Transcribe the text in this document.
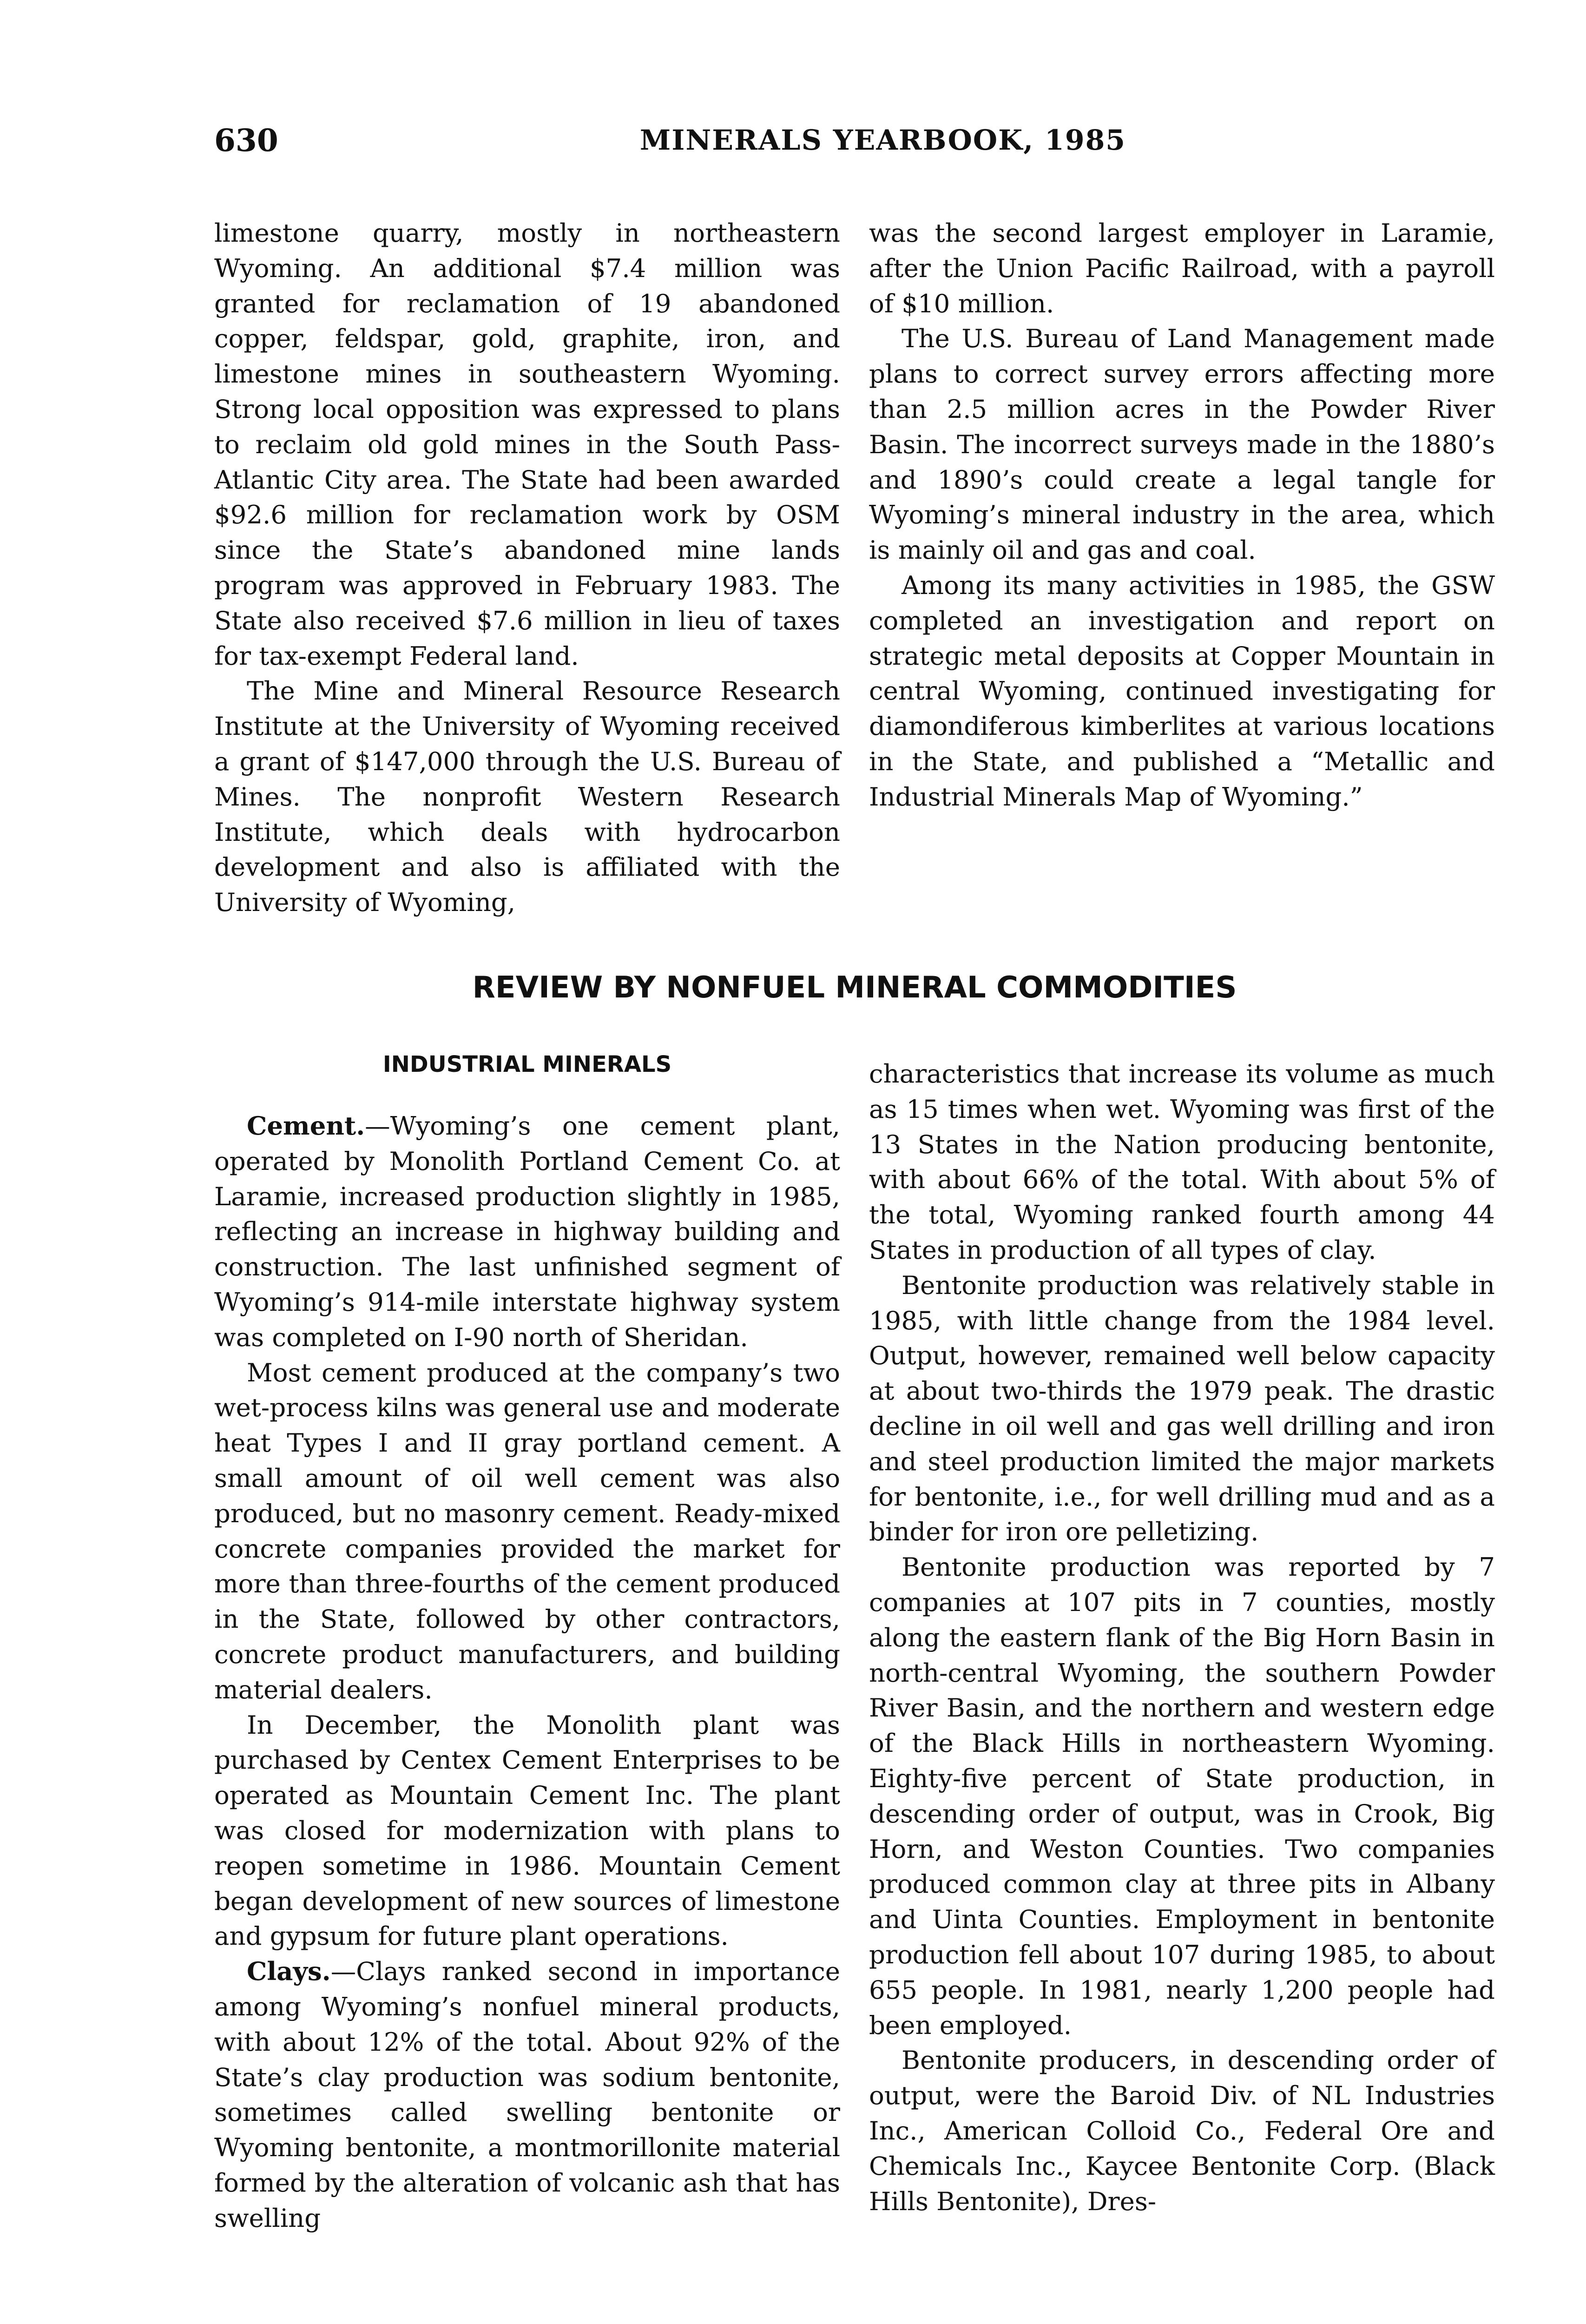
630	MINERALS YEARBOOK, 1985

limestone quarry, mostly in northeastern Wyoming. An additional $7.4 million was granted for reclamation of 19 abandoned copper, feldspar, gold, graphite, iron, and limestone mines in southeastern Wyoming. Strong local opposition was expressed to plans to reclaim old gold mines in the South Pass-Atlantic City area. The State had been awarded $92.6 million for reclamation work by OSM since the State’s abandoned mine lands program was approved in February 1983. The State also received $7.6 million in lieu of taxes for tax-exempt Federal land.

The Mine and Mineral Resource Research Institute at the University of Wyoming received a grant of $147,000 through the U.S. Bureau of Mines. The nonprofit Western Research Institute, which deals with hydrocarbon development and also is affiliated with the University of Wyoming,

was the second largest employer in Laramie, after the Union Pacific Railroad, with a payroll of $10 million.

The U.S. Bureau of Land Management made plans to correct survey errors affecting more than 2.5 million acres in the Powder River Basin. The incorrect surveys made in the 1880’s and 1890’s could create a legal tangle for Wyoming’s mineral industry in the area, which is mainly oil and gas and coal.

Among its many activities in 1985, the GSW completed an investigation and report on strategic metal deposits at Copper Mountain in central Wyoming, continued investigating for diamondiferous kimberlites at various locations in the State, and published a “Metallic and Industrial Minerals Map of Wyoming.”

REVIEW BY NONFUEL MINERAL COMMODITIES
INDUSTRIAL MINERALS

Cement.—Wyoming’s one cement plant, operated by Monolith Portland Cement Co. at Laramie, increased production slightly in 1985, reflecting an increase in highway building and construction. The last unfinished segment of Wyoming’s 914-mile interstate highway system was completed on I-90 north of Sheridan.

Most cement produced at the company’s two wet-process kilns was general use and moderate heat Types I and II gray portland cement. A small amount of oil well cement was also produced, but no masonry cement. Ready-mixed concrete companies provided the market for more than three-fourths of the cement produced in the State, followed by other contractors, concrete product manufacturers, and building material dealers.

In December, the Monolith plant was purchased by Centex Cement Enterprises to be operated as Mountain Cement Inc. The plant was closed for modernization with plans to reopen sometime in 1986. Mountain Cement began development of new sources of limestone and gypsum for future plant operations.

Clays.—Clays ranked second in importance among Wyoming’s nonfuel mineral products, with about 12% of the total. About 92% of the State’s clay production was sodium bentonite, sometimes called swelling bentonite or Wyoming bentonite, a montmorillonite material formed by the alteration of volcanic ash that has swelling

characteristics that increase its volume as much as 15 times when wet. Wyoming was first of the 13 States in the Nation producing bentonite, with about 66% of the total. With about 5% of the total, Wyoming ranked fourth among 44 States in production of all types of clay.

Bentonite production was relatively stable in 1985, with little change from the 1984 level. Output, however, remained well below capacity at about two-thirds the 1979 peak. The drastic decline in oil well and gas well drilling and iron and steel production limited the major markets for bentonite, i.e., for well drilling mud and as a binder for iron ore pelletizing.

Bentonite production was reported by 7 companies at 107 pits in 7 counties, mostly along the eastern flank of the Big Horn Basin in north-central Wyoming, the southern Powder River Basin, and the northern and western edge of the Black Hills in northeastern Wyoming. Eighty-five percent of State production, in descending order of output, was in Crook, Big Horn, and Weston Counties. Two companies produced common clay at three pits in Albany and Uinta Counties. Employment in bentonite production fell about 107 during 1985, to about 655 people. In 1981, nearly 1,200 people had been employed.

Bentonite producers, in descending order of output, were the Baroid Div. of NL Industries Inc., American Colloid Co., Federal Ore and Chemicals Inc., Kaycee Bentonite Corp. (Black Hills Bentonite), Dres-
